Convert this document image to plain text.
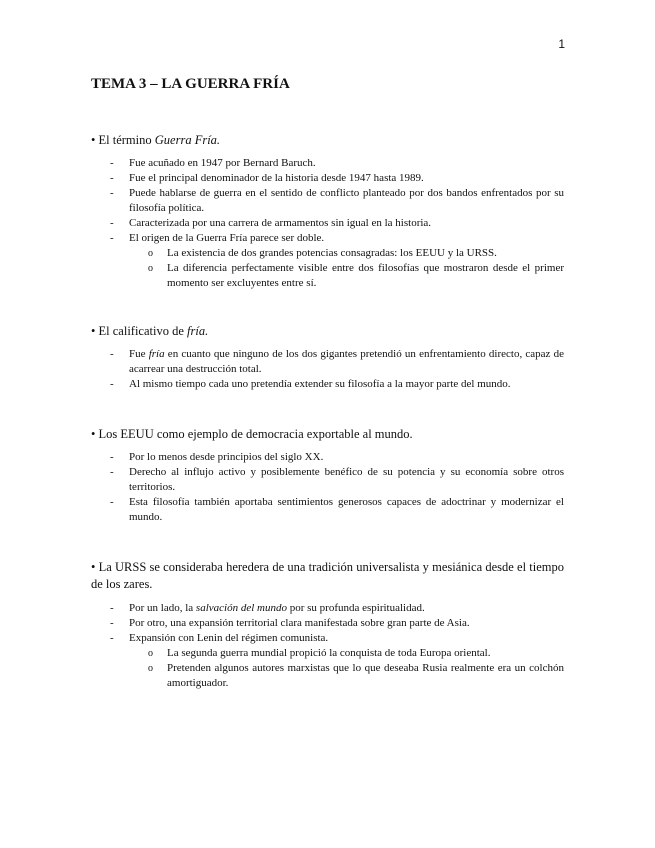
1
TEMA 3 – LA GUERRA FRÍA

• El término Guerra Fría.

- Fue acuñado en 1947 por Bernard Baruch.
- Fue el principal denominador de la historia desde 1947 hasta 1989.
- Puede hablarse de guerra en el sentido de conflicto planteado por dos bandos enfrentados por su filosofía política.
- Caracterizada por una carrera de armamentos sin igual en la historia.
- El origen de la Guerra Fría parece ser doble.
o La existencia de dos grandes potencias consagradas: los EEUU y la URSS.
o La diferencia perfectamente visible entre dos filosofías que mostraron desde el primer momento ser excluyentes entre sí.

• El calificativo de fría.

- Fue fría en cuanto que ninguno de los dos gigantes pretendió un enfrentamiento directo, capaz de acarrear una destrucción total.
- Al mismo tiempo cada uno pretendía extender su filosofía a la mayor parte del mundo.

• Los EEUU como ejemplo de democracia exportable al mundo.

- Por lo menos desde principios del siglo XX.
- Derecho al influjo activo y posiblemente benéfico de su potencia y su economía sobre otros territorios.
- Esta filosofía también aportaba sentimientos generosos capaces de adoctrinar y modernizar el mundo.

• La URSS se consideraba heredera de una tradición universalista y mesiánica desde el tiempo de los zares.

- Por un lado, la salvación del mundo por su profunda espiritualidad.
- Por otro, una expansión territorial clara manifestada sobre gran parte de Asia.
- Expansión con Lenin del régimen comunista.
o La segunda guerra mundial propició la conquista de toda Europa oriental.
o Pretenden algunos autores marxistas que lo que deseaba Rusia realmente era un colchón amortiguador.
